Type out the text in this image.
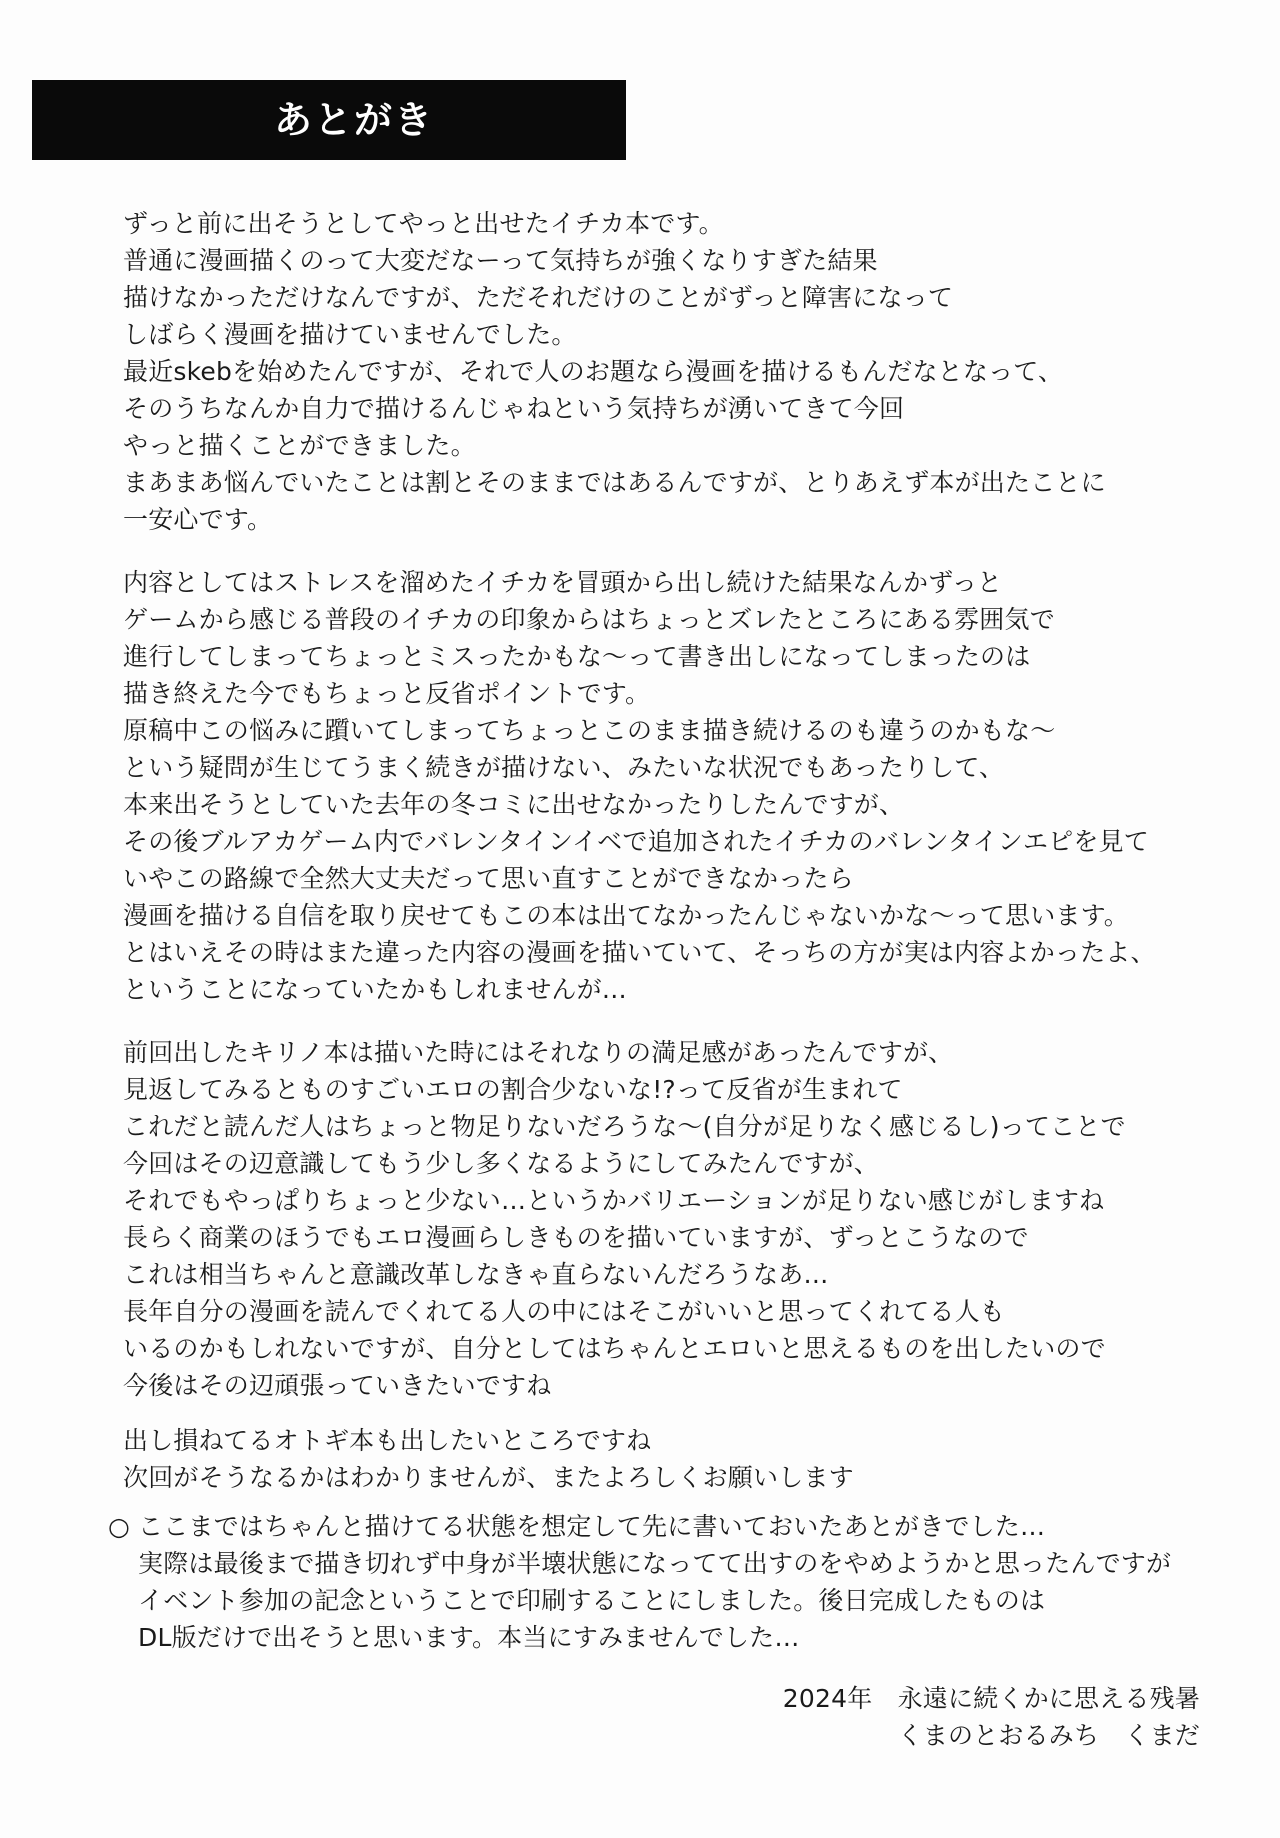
あとがき
ずっと前に出そうとしてやっと出せたイチカ本です。
普通に漫画描くのって大変だなーって気持ちが強くなりすぎた結果
描けなかっただけなんですが、ただそれだけのことがずっと障害になって
しばらく漫画を描けていませんでした。
最近skebを始めたんですが、それで人のお題なら漫画を描けるもんだなとなって、
そのうちなんか自力で描けるんじゃねという気持ちが湧いてきて今回
やっと描くことができました。
まあまあ悩んでいたことは割とそのままではあるんですが、とりあえず本が出たことに
一安心です。
内容としてはストレスを溜めたイチカを冒頭から出し続けた結果なんかずっと
ゲームから感じる普段のイチカの印象からはちょっとズレたところにある雰囲気で
進行してしまってちょっとミスったかもな〜って書き出しになってしまったのは
描き終えた今でもちょっと反省ポイントです。
原稿中この悩みに躓いてしまってちょっとこのまま描き続けるのも違うのかもな〜
という疑問が生じてうまく続きが描けない、みたいな状況でもあったりして、
本来出そうとしていた去年の冬コミに出せなかったりしたんですが、
その後ブルアカゲーム内でバレンタインイベで追加されたイチカのバレンタインエピを見て
いやこの路線で全然大丈夫だって思い直すことができなかったら
漫画を描ける自信を取り戻せてもこの本は出てなかったんじゃないかな〜って思います。
とはいえその時はまた違った内容の漫画を描いていて、そっちの方が実は内容よかったよ、
ということになっていたかもしれませんが…
前回出したキリノ本は描いた時にはそれなりの満足感があったんですが、
見返してみるとものすごいエロの割合少ないな!?って反省が生まれて
これだと読んだ人はちょっと物足りないだろうな〜(自分が足りなく感じるし)ってことで
今回はその辺意識してもう少し多くなるようにしてみたんですが、
それでもやっぱりちょっと少ない…というかバリエーションが足りない感じがしますね
長らく商業のほうでもエロ漫画らしきものを描いていますが、ずっとこうなので
これは相当ちゃんと意識改革しなきゃ直らないんだろうなあ…
長年自分の漫画を読んでくれてる人の中にはそこがいいと思ってくれてる人も
いるのかもしれないですが、自分としてはちゃんとエロいと思えるものを出したいので
今後はその辺頑張っていきたいですね
出し損ねてるオトギ本も出したいところですね
次回がそうなるかはわかりませんが、またよろしくお願いします
○ ここまではちゃんと描けてる状態を想定して先に書いておいたあとがきでした…
実際は最後まで描き切れず中身が半壊状態になってて出すのをやめようかと思ったんですが
イベント参加の記念ということで印刷することにしました。後日完成したものは
DL版だけで出そうと思います。本当にすみませんでした…
2024年　永遠に続くかに思える残暑
くまのとおるみち　くまだ
